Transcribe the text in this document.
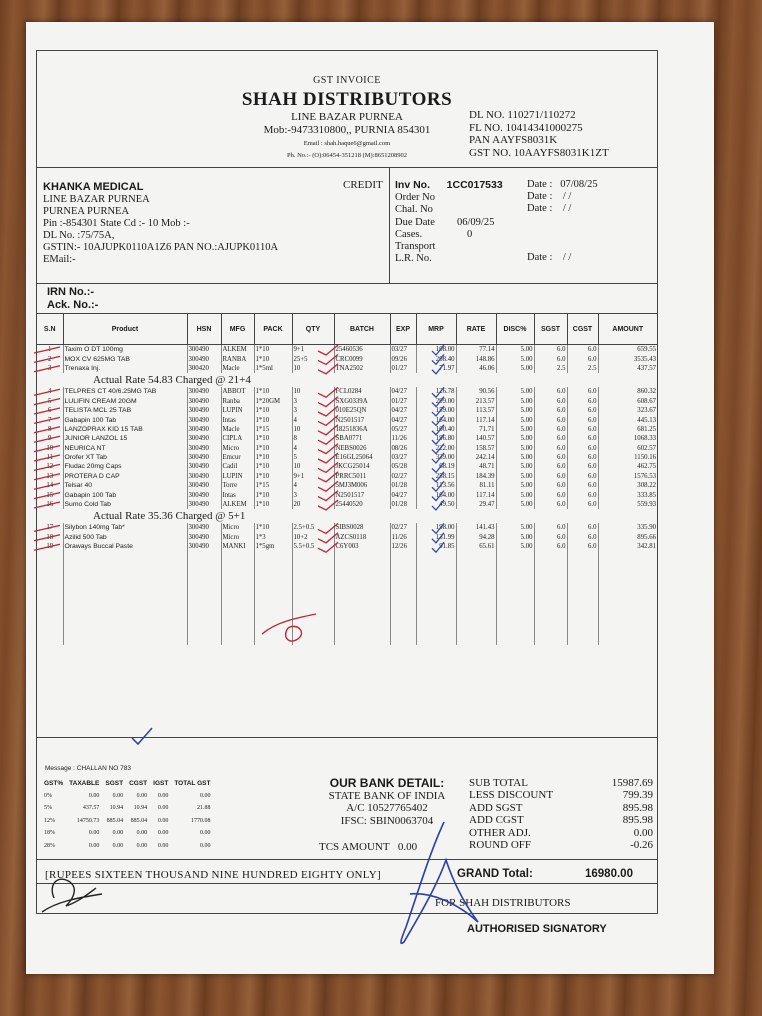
GST INVOICE
SHAH DISTRIBUTORS
LINE BAZAR PURNEA
Mob:-9473310800,, PURNIA 854301
Email : shah.haque6@gmail.com
Ph. No.:- (O):06454-351218 (M):8651208902
DL NO. 110271/110272
FL NO. 10414341000275
PAN AAYFS8031K
GST NO. 10AAYFS8031K1ZT
KHANKA MEDICAL
LINE BAZAR PURNEA
PURNEA PURNEA
Pin :-854301 State Cd :- 10 Mob :-
DL No. :75/75A,
GSTIN:- 10AJUPK0110A1Z6 PAN NO.:AJUPK0110A
EMail:-
CREDIT Inv No. 1CC017533
Order No
Chal. No
Due Date 06/09/25
Cases.	0
Transport
L.R. No.
Date : 07/08/25
Date : / /
Date : / /
Date : / /
IRN No.:-
Ack. No.:-
S.N	Product	HSN	MFG	PACK	QTY	BATCH	EXP	MRP	RATE	DISC%	SGST	CGST	AMOUNT
1	Taxim O DT 100mg	300490	ALKEM	1*10	9+1	25460536	03/27	108.00	77.14	5.00	6.0	6.0	659.55
2	MOX CV 625MG TAB	300490	RANBA	1*10	25+5	CRC0099	09/26	208.40	148.86	5.00	6.0	6.0	3535.43
3	Trenaxa Inj.	300420	Macle	1*5ml	10	TNA2502	01/27	71.97	46.06	5.00	2.5	2.5	437.57
	Actual Rate 54.83 Charged @ 21+4												
4	TELPRES CT 40/6.25MG TAB	300490	ABBOT	1*10	10	FCL0284	04/27	126.78	90.56	5.00	6.0	6.0	860.32
5	LULIFIN CREAM 20GM	300490	Ranba	1*20GM	3	SXG0339A	01/27	299.00	213.57	5.00	6.0	6.0	608.67
6	TELISTA MCL 25 TAB	300490	LUPIN	1*10	3	010E25QN	04/27	159.00	113.57	5.00	6.0	6.0	323.67
7	Gabapin 100 Tab	300490	Intas	1*10	4	N2501517	04/27	164.00	117.14	5.00	6.0	6.0	445.13
8	LANZOPRAX KID 15 TAB	300490	Macle	1*15	10	18251836A	05/27	100.40	71.71	5.00	6.0	6.0	681.25
9	JUNIOR LANZOL 15	300490	CIPLA	1*10	8	SBA0771	11/26	196.80	140.57	5.00	6.0	6.0	1068.33
10	NEURICA NT	300490	Micro	1*10	4	NEBS0026	08/26	222.00	158.57	5.00	6.0	6.0	602.57
11	Orofer XT Tab	300490	Emcur	1*10	5	E16GL25064	03/27	339.00	242.14	5.00	6.0	6.0	1150.16
12	Fludac 20mg Caps	300490	Cadil	1*10	10	JKCG25014	05/28	68.19	48.71	5.00	6.0	6.0	462.75
13	PROTERA D CAP	300490	LUPIN	1*10	9+1	PRRC5011	02/27	258.15	184.39	5.00	6.0	6.0	1576.53
14	Telsar 40	300490	Torre	1*15	4	5MJ3M006	01/28	113.56	81.11	5.00	6.0	6.0	308.22
15	Gabapin 100 Tab	300490	Intas	1*10	3	N2501517	04/27	164.00	117.14	5.00	6.0	6.0	333.85
16	Sumo Cold Tab	300490	ALKEM	1*10	20	25440520	01/28	49.50	29.47	5.00	6.0	6.0	559.93
	Actual Rate 35.36 Charged @ 5+1												
17	Silybon 140mg Tab*	300490	Micro	1*10	2.5+0.5	SIBS0028	02/27	198.00	141.43	5.00	6.0	6.0	335.90
18	Azilid 500 Tab	300490	Micro	1*3	10+2	AZCS0118	11/26	131.99	94.28	5.00	6.0	6.0	895.66
19	Oraways Buccal Paste	300490	MANKI	1*5gm	5.5+0.5	C6Y003	12/26	91.85	65.61	5.00	6.0	6.0	342.81

Message : CHALLAN NO 783
GST%	TAXABLE	SGST	CGST	IGST	TOTAL GST
0%	0.00	0.00	0.00	0.00	0.00
5%	437.57	10.94	10.94	0.00	21.88
12%	14750.73	885.04	885.04	0.00	1770.08
18%	0.00	0.00	0.00	0.00	0.00
28%	0.00	0.00	0.00	0.00	0.00
OUR BANK DETAIL:
STATE BANK OF INDIA
A/C 10527765402
IFSC: SBIN0063704
TCS AMOUNT 0.00
SUB TOTAL	15987.69
LESS DISCOUNT	799.39
ADD SGST	895.98
ADD CGST	895.98
OTHER ADJ.	0.00
ROUND OFF	-0.26
[RUPEES SIXTEEN THOUSAND NINE HUNDRED EIGHTY ONLY]	GRAND Total:	16980.00
FOR SHAH DISTRIBUTORS
AUTHORISED SIGNATORY
